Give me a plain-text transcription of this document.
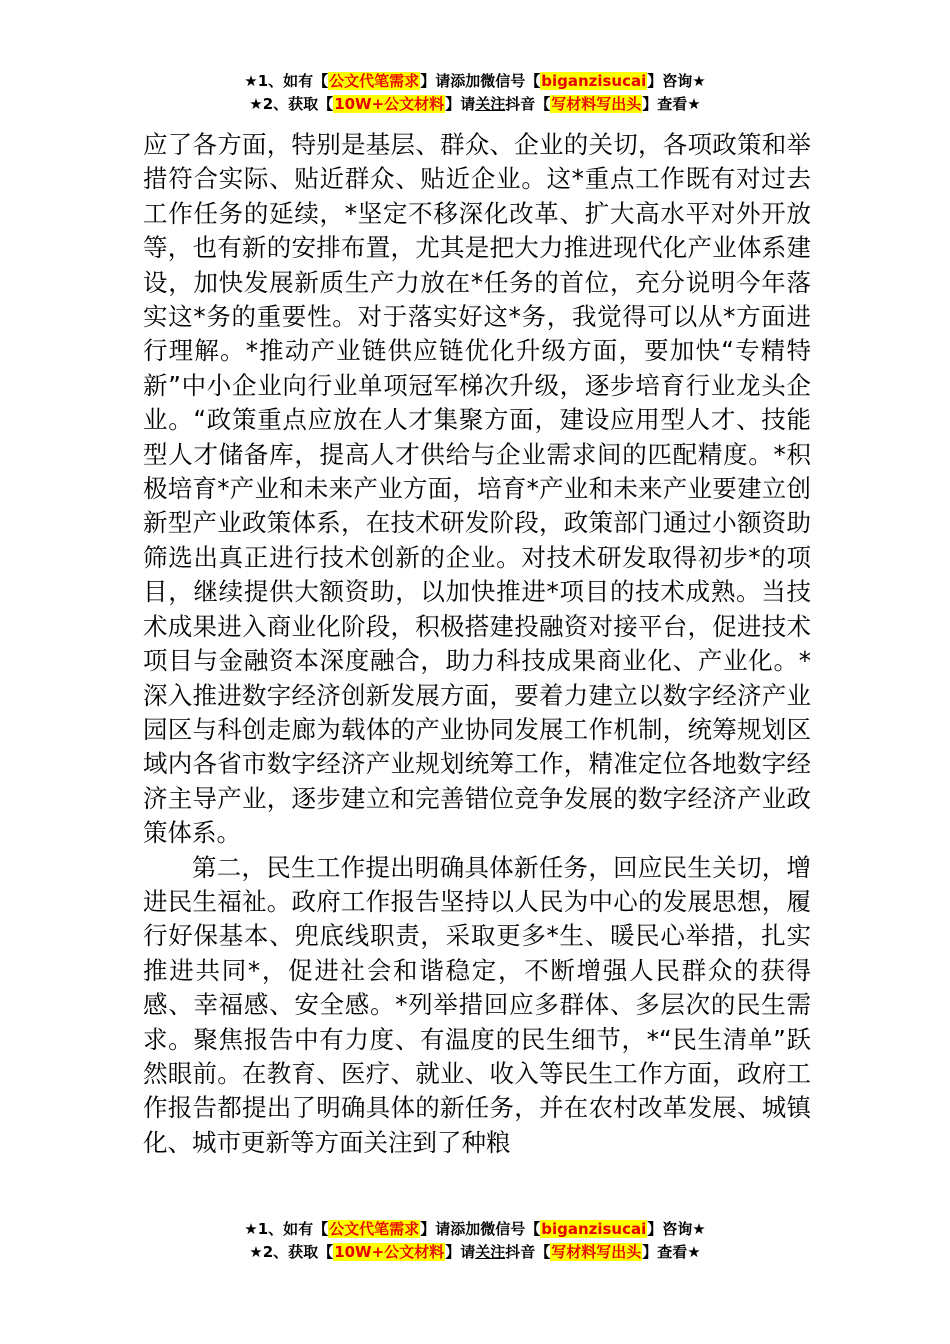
★1、如有【公文代笔需求】请添加微信号【biganzisucai】咨询★
★2、获取【10W+公文材料】请关注抖音【写材料写出头】查看★

应了各方面，特别是基层、群众、企业的关切，各项政策和举措符合实际、贴近群众、贴近企业。这*重点工作既有对过去工作任务的延续，*坚定不移深化改革、扩大高水平对外开放等，也有新的安排布置，尤其是把大力推进现代化产业体系建设，加快发展新质生产力放在*任务的首位，充分说明今年落实这*务的重要性。对于落实好这*务，我觉得可以从*方面进行理解。*推动产业链供应链优化升级方面，要加快“专精特新”中小企业向行业单项冠军梯次升级，逐步培育行业龙头企业。“政策重点应放在人才集聚方面，建设应用型人才、技能型人才储备库，提高人才供给与企业需求间的匹配精度。*积极培育*产业和未来产业方面，培育*产业和未来产业要建立创新型产业政策体系，在技术研发阶段，政策部门通过小额资助筛选出真正进行技术创新的企业。对技术研发取得初步*的项目，继续提供大额资助，以加快推进*项目的技术成熟。当技术成果进入商业化阶段，积极搭建投融资对接平台，促进技术项目与金融资本深度融合，助力科技成果商业化、产业化。*深入推进数字经济创新发展方面，要着力建立以数字经济产业园区与科创走廊为载体的产业协同发展工作机制，统筹规划区域内各省市数字经济产业规划统筹工作，精准定位各地数字经济主导产业，逐步建立和完善错位竞争发展的数字经济产业政策体系。

第二，民生工作提出明确具体新任务，回应民生关切，增进民生福祉。政府工作报告坚持以人民为中心的发展思想，履行好保基本、兜底线职责，采取更多*生、暖民心举措，扎实推进共同*，促进社会和谐稳定，不断增强人民群众的获得感、幸福感、安全感。*列举措回应多群体、多层次的民生需求。聚焦报告中有力度、有温度的民生细节，*“民生清单”跃然眼前。在教育、医疗、就业、收入等民生工作方面，政府工作报告都提出了明确具体的新任务，并在农村改革发展、城镇化、城市更新等方面关注到了种粮

★1、如有【公文代笔需求】请添加微信号【biganzisucai】咨询★
★2、获取【10W+公文材料】请关注抖音【写材料写出头】查看★
